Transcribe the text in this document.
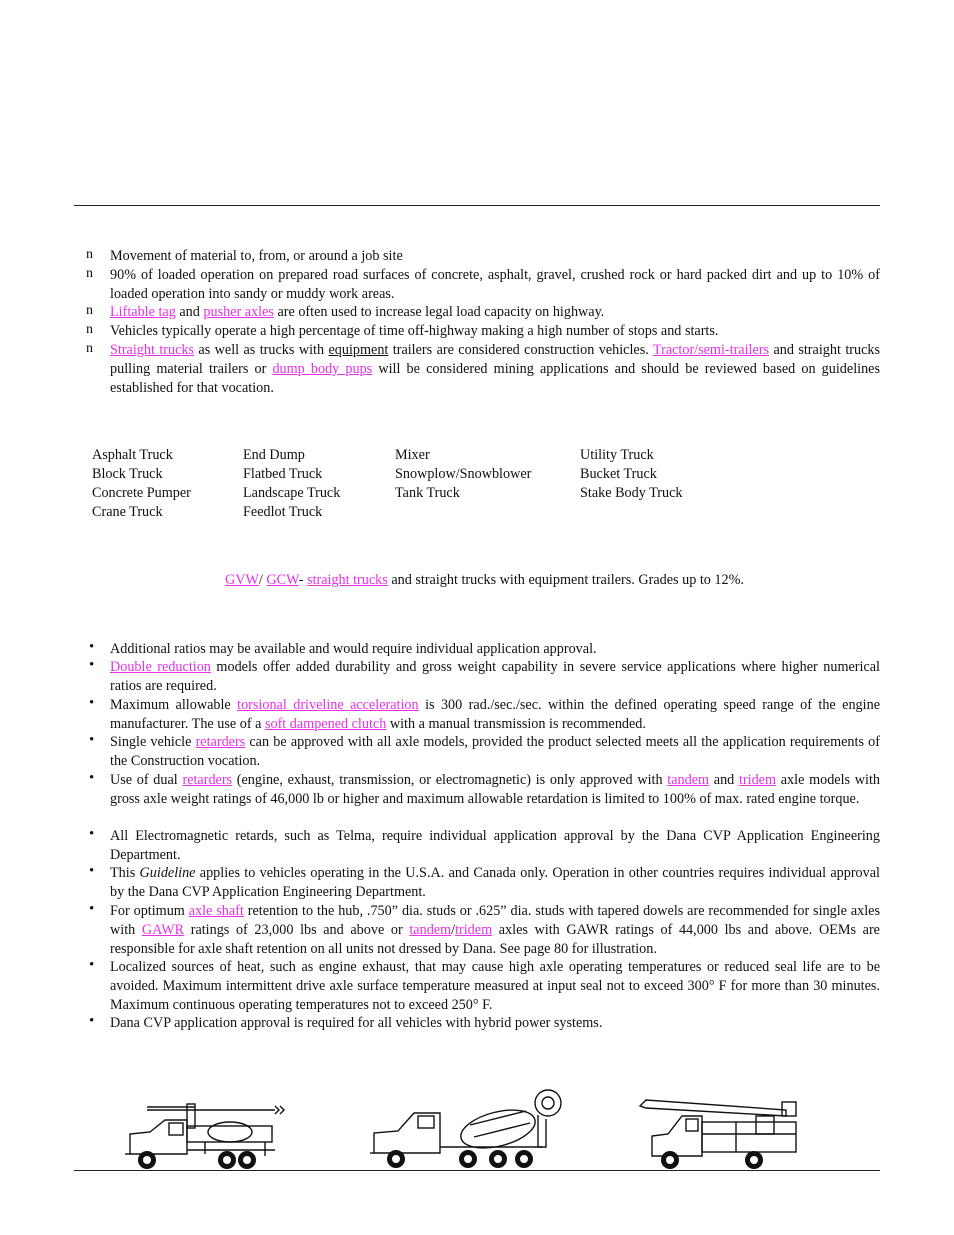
n Movement of material to, from, or around a job site
n 90% of loaded operation on prepared road surfaces of concrete, asphalt, gravel, crushed rock or hard packed dirt and up to 10% of loaded operation into sandy or muddy work areas.
n Liftable tag and pusher axles are often used to increase legal load capacity on highway.
n Vehicles typically operate a high percentage of time off-highway making a high number of stops and starts.
n Straight trucks as well as trucks with equipment trailers are considered construction vehicles. Tractor/semi-trailers and straight trucks pulling material trailers or dump body pups will be considered mining applications and should be reviewed based on guidelines established for that vocation.
Asphalt Truck
Block Truck
Concrete Pumper
Crane Truck
End Dump
Flatbed Truck
Landscape Truck
Feedlot Truck
Mixer
Snowplow/Snowblower
Tank Truck
Utility Truck
Bucket Truck
Stake Body Truck
GVW/ GCW- straight trucks and straight trucks with equipment trailers. Grades up to 12%.
• Additional ratios may be available and would require individual application approval.
• Double reduction models offer added durability and gross weight capability in severe service applications where higher numerical ratios are required.
• Maximum allowable torsional driveline acceleration is 300 rad./sec./sec. within the defined operating speed range of the engine manufacturer. The use of a soft dampened clutch with a manual transmission is recommended.
• Single vehicle retarders can be approved with all axle models, provided the product selected meets all the application requirements of the Construction vocation.
• Use of dual retarders (engine, exhaust, transmission, or electromagnetic) is only approved with tandem and tridem axle models with gross axle weight ratings of 46,000 lb or higher and maximum allowable retardation is limited to 100% of max. rated engine torque.
• All Electromagnetic retards, such as Telma, require individual application approval by the Dana CVP Application Engineering Department.
• This Guideline applies to vehicles operating in the U.S.A. and Canada only. Operation in other countries requires individual approval by the Dana CVP Application Engineering Department.
• For optimum axle shaft retention to the hub, .750” dia. studs or .625” dia. studs with tapered dowels are recommended for single axles with GAWR ratings of 23,000 lbs and above or tandem/tridem axles with GAWR ratings of 44,000 lbs and above. OEMs are responsible for axle shaft retention on all units not dressed by Dana. See page 80 for illustration.
• Localized sources of heat, such as engine exhaust, that may cause high axle operating temperatures or reduced seal life are to be avoided. Maximum intermittent drive axle surface temperature measured at input seal not to exceed 300° F for more than 30 minutes. Maximum continuous operating temperatures not to exceed 250° F.
• Dana CVP application approval is required for all vehicles with hybrid power systems.
